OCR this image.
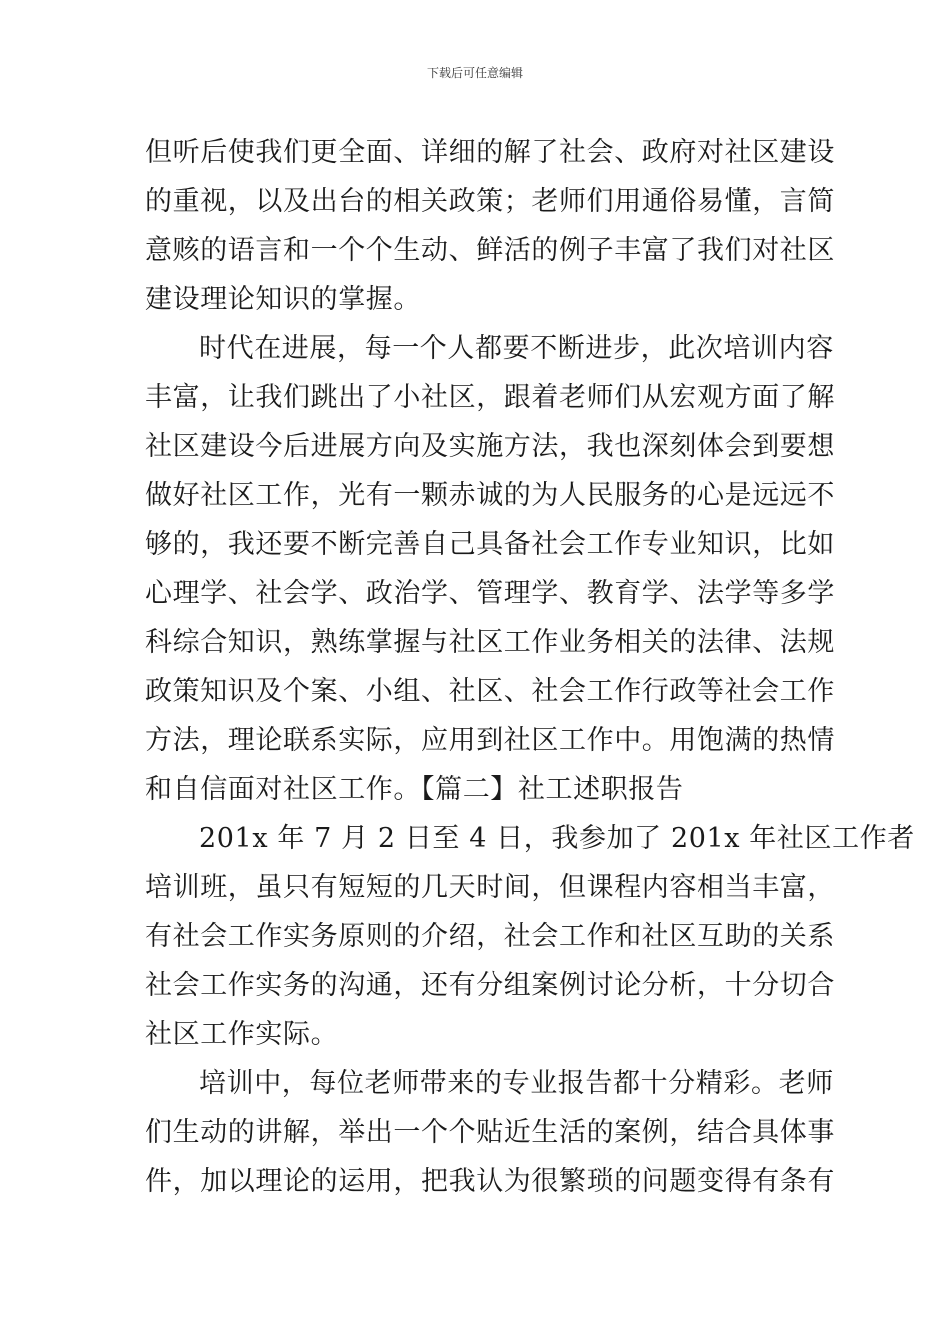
下载后可任意编辑
但听后使我们更全面、详细的解了社会、政府对社区建设
的重视，以及出台的相关政策；老师们用通俗易懂，言简
意赅的语言和一个个生动、鲜活的例子丰富了我们对社区
建设理论知识的掌握。
时代在进展，每一个人都要不断进步，此次培训内容
丰富，让我们跳出了小社区，跟着老师们从宏观方面了解
社区建设今后进展方向及实施方法，我也深刻体会到要想
做好社区工作，光有一颗赤诚的为人民服务的心是远远不
够的，我还要不断完善自己具备社会工作专业知识，比如
心理学、社会学、政治学、管理学、教育学、法学等多学
科综合知识，熟练掌握与社区工作业务相关的法律、法规
政策知识及个案、小组、社区、社会工作行政等社会工作
方法，理论联系实际，应用到社区工作中。用饱满的热情
和自信面对社区工作。【篇二】社工述职报告
201x 年 7 月 2 日至 4 日，我参加了 201x 年社区工作者
培训班，虽只有短短的几天时间，但课程内容相当丰富，
有社会工作实务原则的介绍，社会工作和社区互助的关系
社会工作实务的沟通，还有分组案例讨论分析，十分切合
社区工作实际。
培训中，每位老师带来的专业报告都十分精彩。老师
们生动的讲解，举出一个个贴近生活的案例，结合具体事
件，加以理论的运用，把我认为很繁琐的问题变得有条有
